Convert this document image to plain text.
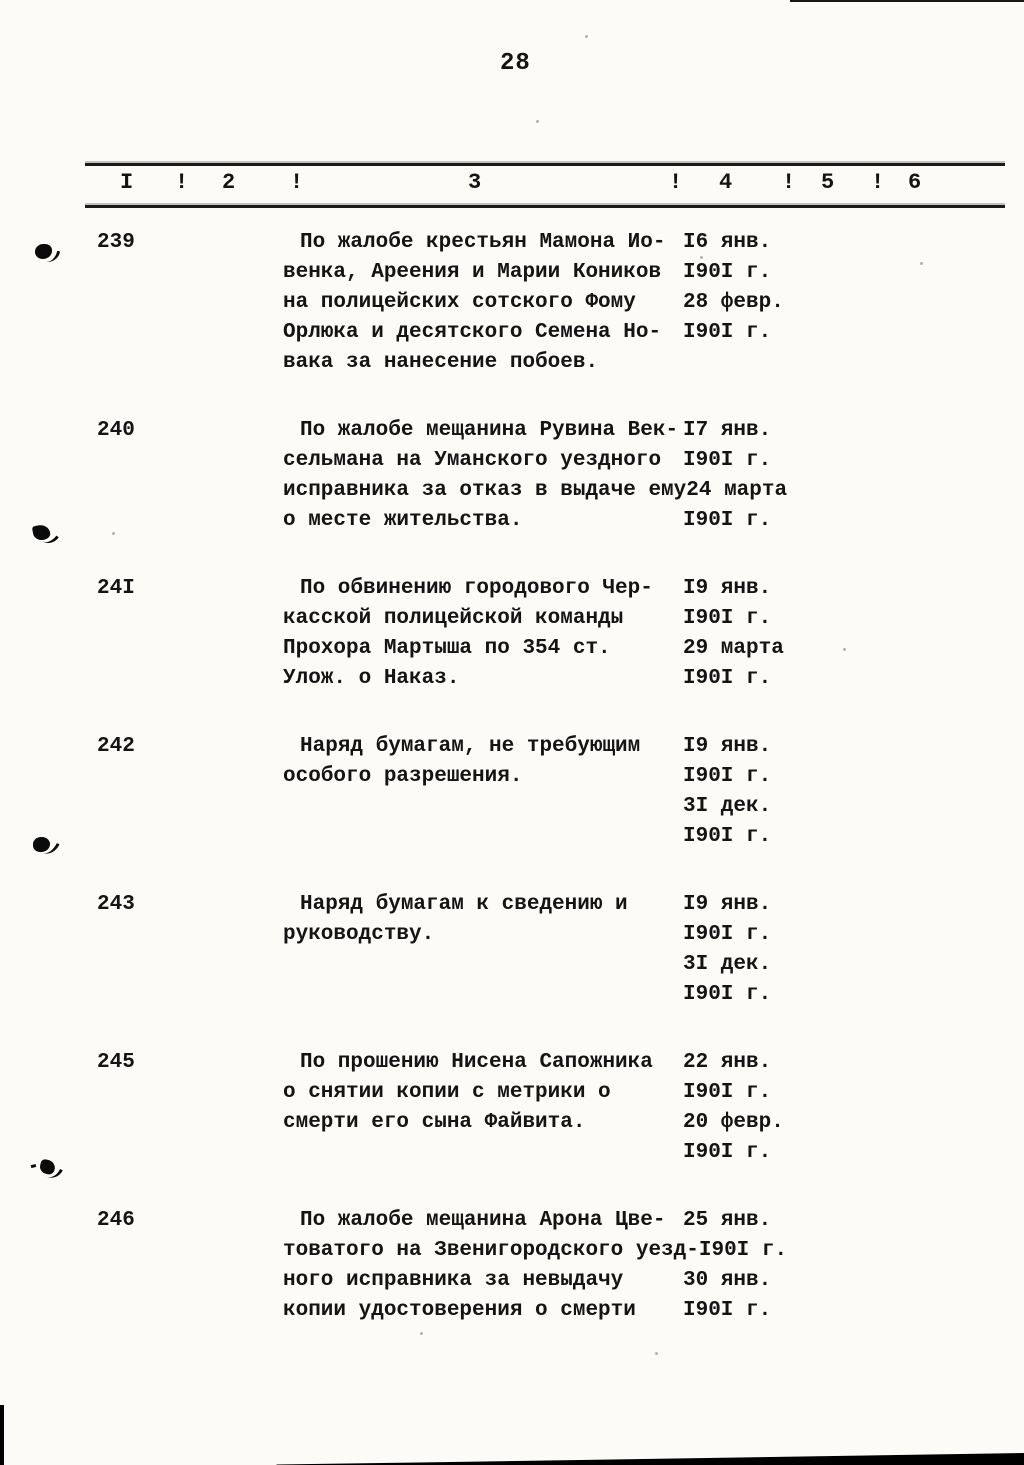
28
I ! 2 !	3	! 4 ! 5 ! 6
239	По жалобе крестьян Мамона Ио- I6 янв.
венка, Ареения и Марии Коников	I90I г.
на полицейских сотского Фому	28 февр.
Орлюка и десятского Семена Но-	I90I г.
вака за нанесение побоев.
240	По жалобе мещанина Рувина Век- I7 янв.
сельмана на Уманского уездного	I90I г.
исправника за отказ в выдаче ему 24 марта
о месте жительства.	I90I г.
24I	По обвинению городового Чер-	I9 янв.
касской полицейской команды	I90I г.
Прохора Мартыша по 354 ст.	29 марта
Улож. о Наказ.	I90I г.
242	Наряд бумагам, не требующим	I9 янв.
особого разрешения.	I90I г.
3I дек.
I90I г.
243	Наряд бумагам к сведению и	I9 янв.
руководству.	I90I г.
3I дек.
I90I г.
245	По прошению Нисена Сапожника	22 янв.
о снятии копии с метрики о	I90I г.
смерти его сына Файвита.	20 февр.
I90I г.
246	По жалобе мещанина Арона Цве- 25 янв.
товатого на Звенигородского уезд- I90I г.
ного исправника за невыдачу	30 янв.
копии удостоверения о смерти	I90I г.
